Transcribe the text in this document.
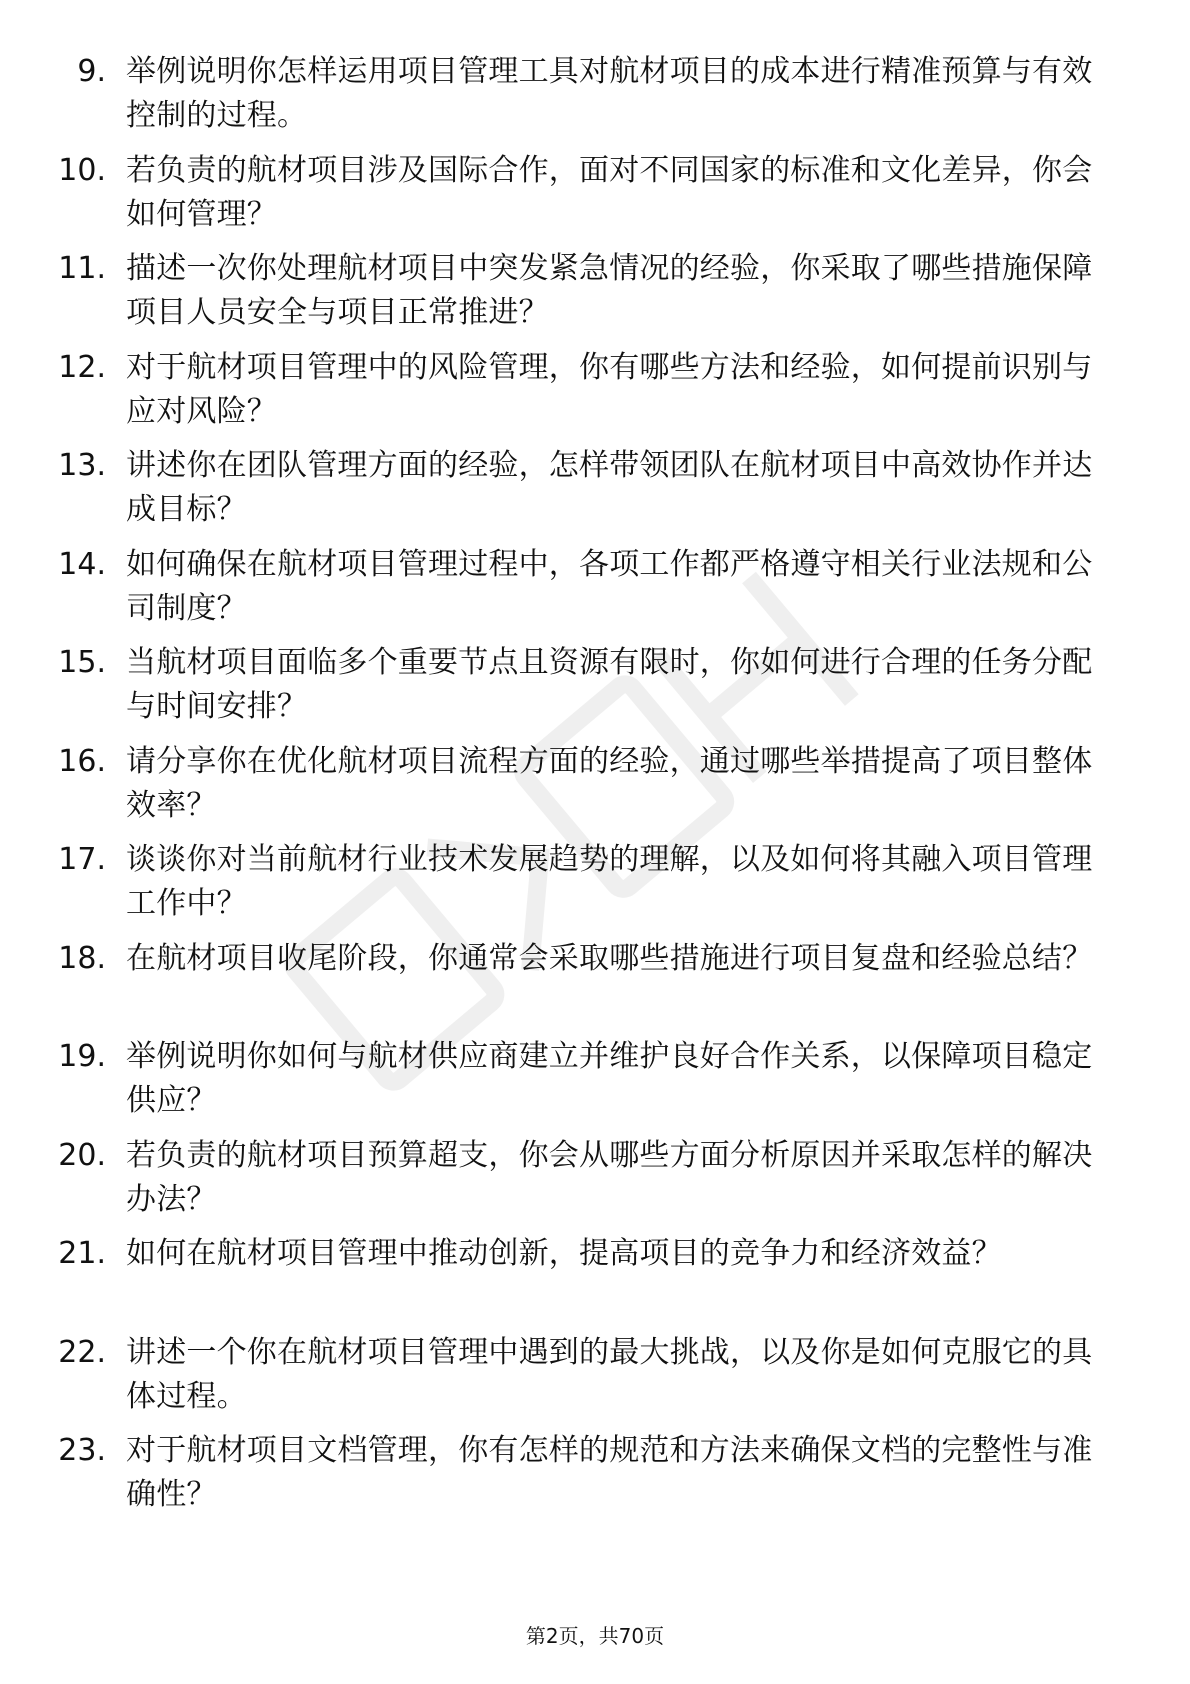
9. 举例说明你怎样运用项目管理工具对航材项目的成本进行精准预算与有效控制的过程。
10. 若负责的航材项目涉及国际合作，面对不同国家的标准和文化差异，你会如何管理？
11. 描述一次你处理航材项目中突发紧急情况的经验，你采取了哪些措施保障项目人员安全与项目正常推进？
12. 对于航材项目管理中的风险管理，你有哪些方法和经验，如何提前识别与应对风险？
13. 讲述你在团队管理方面的经验，怎样带领团队在航材项目中高效协作并达成目标？
14. 如何确保在航材项目管理过程中，各项工作都严格遵守相关行业法规和公司制度？
15. 当航材项目面临多个重要节点且资源有限时，你如何进行合理的任务分配与时间安排？
16. 请分享你在优化航材项目流程方面的经验，通过哪些举措提高了项目整体效率？
17. 谈谈你对当前航材行业技术发展趋势的理解，以及如何将其融入项目管理工作中？
18. 在航材项目收尾阶段，你通常会采取哪些措施进行项目复盘和经验总结？
19. 举例说明你如何与航材供应商建立并维护良好合作关系，以保障项目稳定供应？
20. 若负责的航材项目预算超支，你会从哪些方面分析原因并采取怎样的解决办法？
21. 如何在航材项目管理中推动创新，提高项目的竞争力和经济效益？
22. 讲述一个你在航材项目管理中遇到的最大挑战，以及你是如何克服它的具体过程。
23. 对于航材项目文档管理，你有怎样的规范和方法来确保文档的完整性与准确性？
第2页，共70页
